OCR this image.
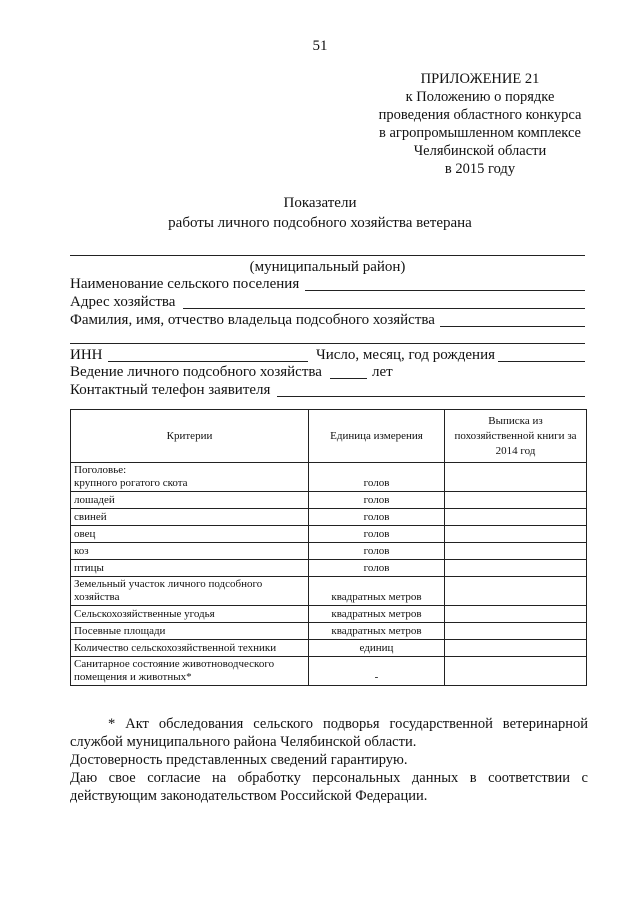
51
ПРИЛОЖЕНИЕ 21
к Положению о порядке
проведения областного конкурса
в агропромышленном комплексе
Челябинской области
в 2015 году
Показатели
работы личного подсобного хозяйства ветерана
(муниципальный район)
Наименование сельского поселения
Адрес хозяйства
Фамилия, имя, отчество владельца подсобного хозяйства
ИНН	Число, месяц, год рождения
Ведение личного подсобного хозяйства	лет
Контактный телефон заявителя
Критерии	Единица измерения	Выписка из похозяйственной книги за 2014 год

Поголовье:
крупного рогатого скота	голов	
лошадей	голов	
свиней	голов	
овец	голов	
коз	голов	
птицы	голов	
Земельный участок личного подсобного хозяйства	квадратных метров	
Сельскохозяйственные угодья	квадратных метров	
Посевные площади	квадратных метров	
Количество сельскохозяйственной техники	единиц	
Санитарное состояние животноводческого помещения и животных*	-	

* Акт обследования сельского подворья государственной ветеринарной службой муниципального района Челябинской области.

Достоверность представленных сведений гарантирую.

Даю свое согласие на обработку персональных данных в соответствии с действующим законодательством Российской Федерации.
